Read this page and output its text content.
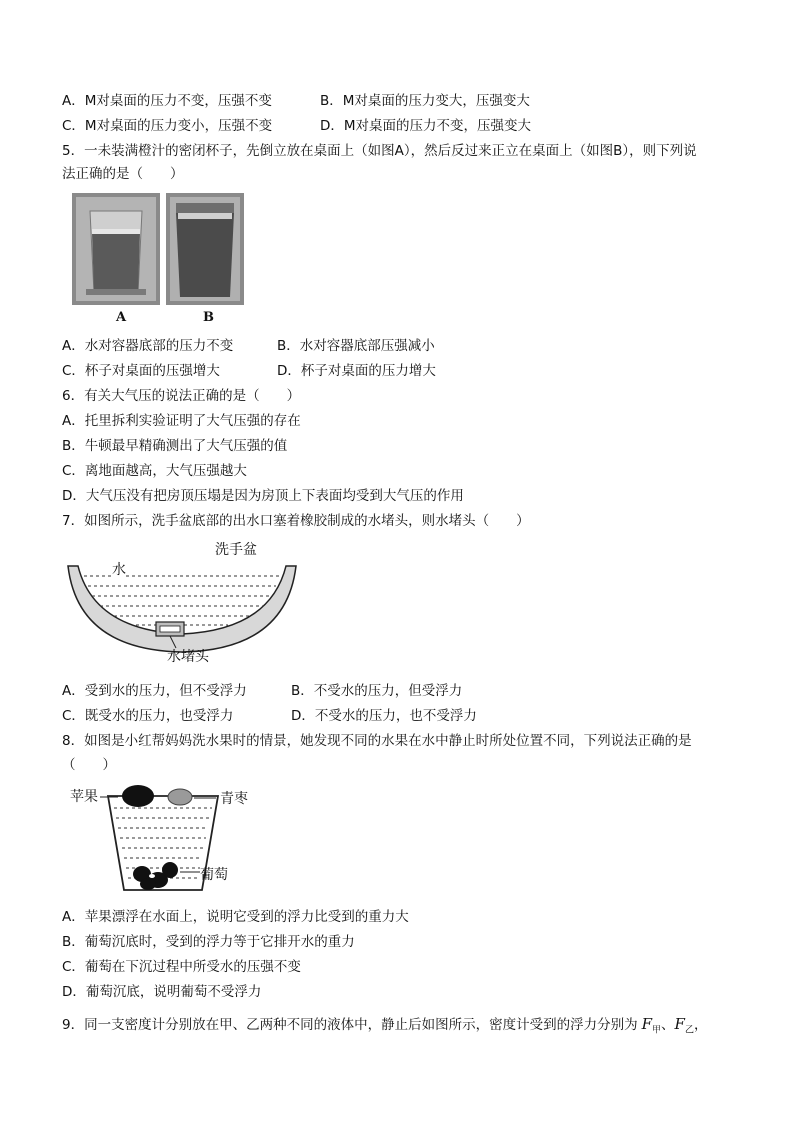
A．M对桌面的压力不变，压强不变	B．M对桌面的压力变大，压强变大
C．M对桌面的压力变小，压强不变	D．M对桌面的压力不变，压强变大
5．一未装满橙汁的密闭杯子，先倒立放在桌面上（如图A），然后反过来正立在桌面上（如图B），则下列说
法正确的是（　　）
A	B
A．水对容器底部的压力不变	B．水对容器底部压强减小
C．杯子对桌面的压强增大	D．杯子对桌面的压力增大
6．有关大气压的说法正确的是（　　）
A．托里拆利实验证明了大气压强的存在
B．牛顿最早精确测出了大气压强的值
C．离地面越高，大气压强越大
D．大气压没有把房顶压塌是因为房顶上下表面均受到大气压的作用
7．如图所示，洗手盆底部的出水口塞着橡胶制成的水堵头，则水堵头（　　）
洗手盆
水
水堵头
A．受到水的压力，但不受浮力	B．不受水的压力，但受浮力
C．既受水的压力，也受浮力	D．不受水的压力，也不受浮力
8．如图是小红帮妈妈洗水果时的情景，她发现不同的水果在水中静止时所处位置不同，下列说法正确的是
（　　）
苹果	青枣
葡萄
A．苹果漂浮在水面上，说明它受到的浮力比受到的重力大
B．葡萄沉底时，受到的浮力等于它排开水的重力
C．葡萄在下沉过程中所受水的压强不变
D．葡萄沉底，说明葡萄不受浮力
9．同一支密度计分别放在甲、乙两种不同的液体中，静止后如图所示，密度计受到的浮力分别为 $F_甲$、$F_乙$，
